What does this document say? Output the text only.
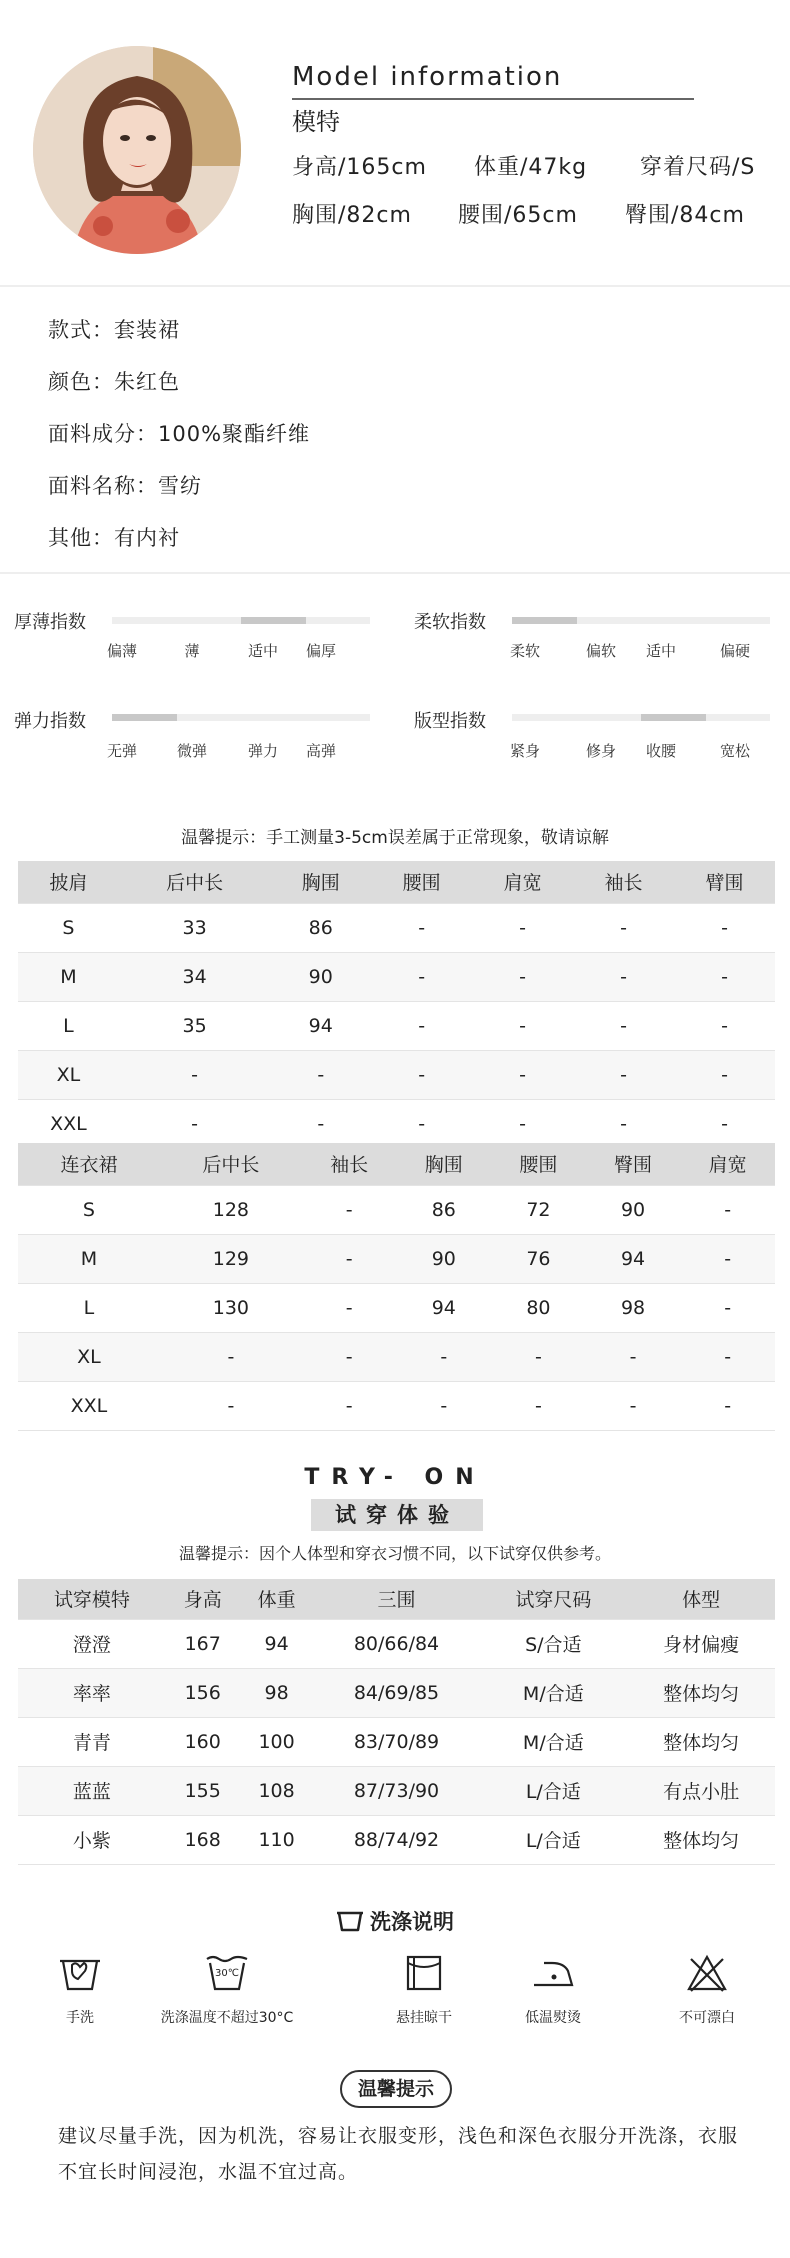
Model information
模特
身高/165cm 体重/47kg 穿着尺码/S
胸围/82cm 腰围/65cm 臀围/84cm
款式：套装裙
颜色：朱红色
面料成分：100%聚酯纤维
面料名称：雪纺
其他：有内衬
厚薄指数
偏薄	薄	适中	偏厚
柔软指数
柔软	偏软	适中	偏硬
弹力指数
无弹	微弹	弹力	高弹
版型指数
紧身	修身	收腰	宽松
温馨提示：手工测量3-5cm误差属于正常现象，敬请谅解
披肩	后中长	胸围	腰围	肩宽	袖长	臂围
S	33	86	-	-	-	-
M	34	90	-	-	-	-
L	35	94	-	-	-	-
XL	-	-	-	-	-	-
XXL	-	-	-	-	-	-
连衣裙	后中长	袖长	胸围	腰围	臀围	肩宽
S	128	-	86	72	90	-
M	129	-	90	76	94	-
L	130	-	94	80	98	-
XL	-	-	-	-	-	-
XXL	-	-	-	-	-	-
TRY- ON
试穿体验
温馨提示：因个人体型和穿衣习惯不同，以下试穿仅供参考。
试穿模特	身高	体重	三围	试穿尺码	体型
澄澄	167	94	80/66/84	S/合适	身材偏瘦
率率	156	98	84/69/85	M/合适	整体均匀
青青	160	100	83/70/89	M/合适	整体均匀
蓝蓝	155	108	87/73/90	L/合适	有点小肚
小紫	168	110	88/74/92	L/合适	整体均匀
洗涤说明
手洗
30℃
洗涤温度不超过30°C	悬挂晾干	低温熨烫	不可漂白
温馨提示
建议尽量手洗，因为机洗，容易让衣服变形，浅色和深色衣服分开洗涤，衣服不宜长时间浸泡，水温不宜过高。
